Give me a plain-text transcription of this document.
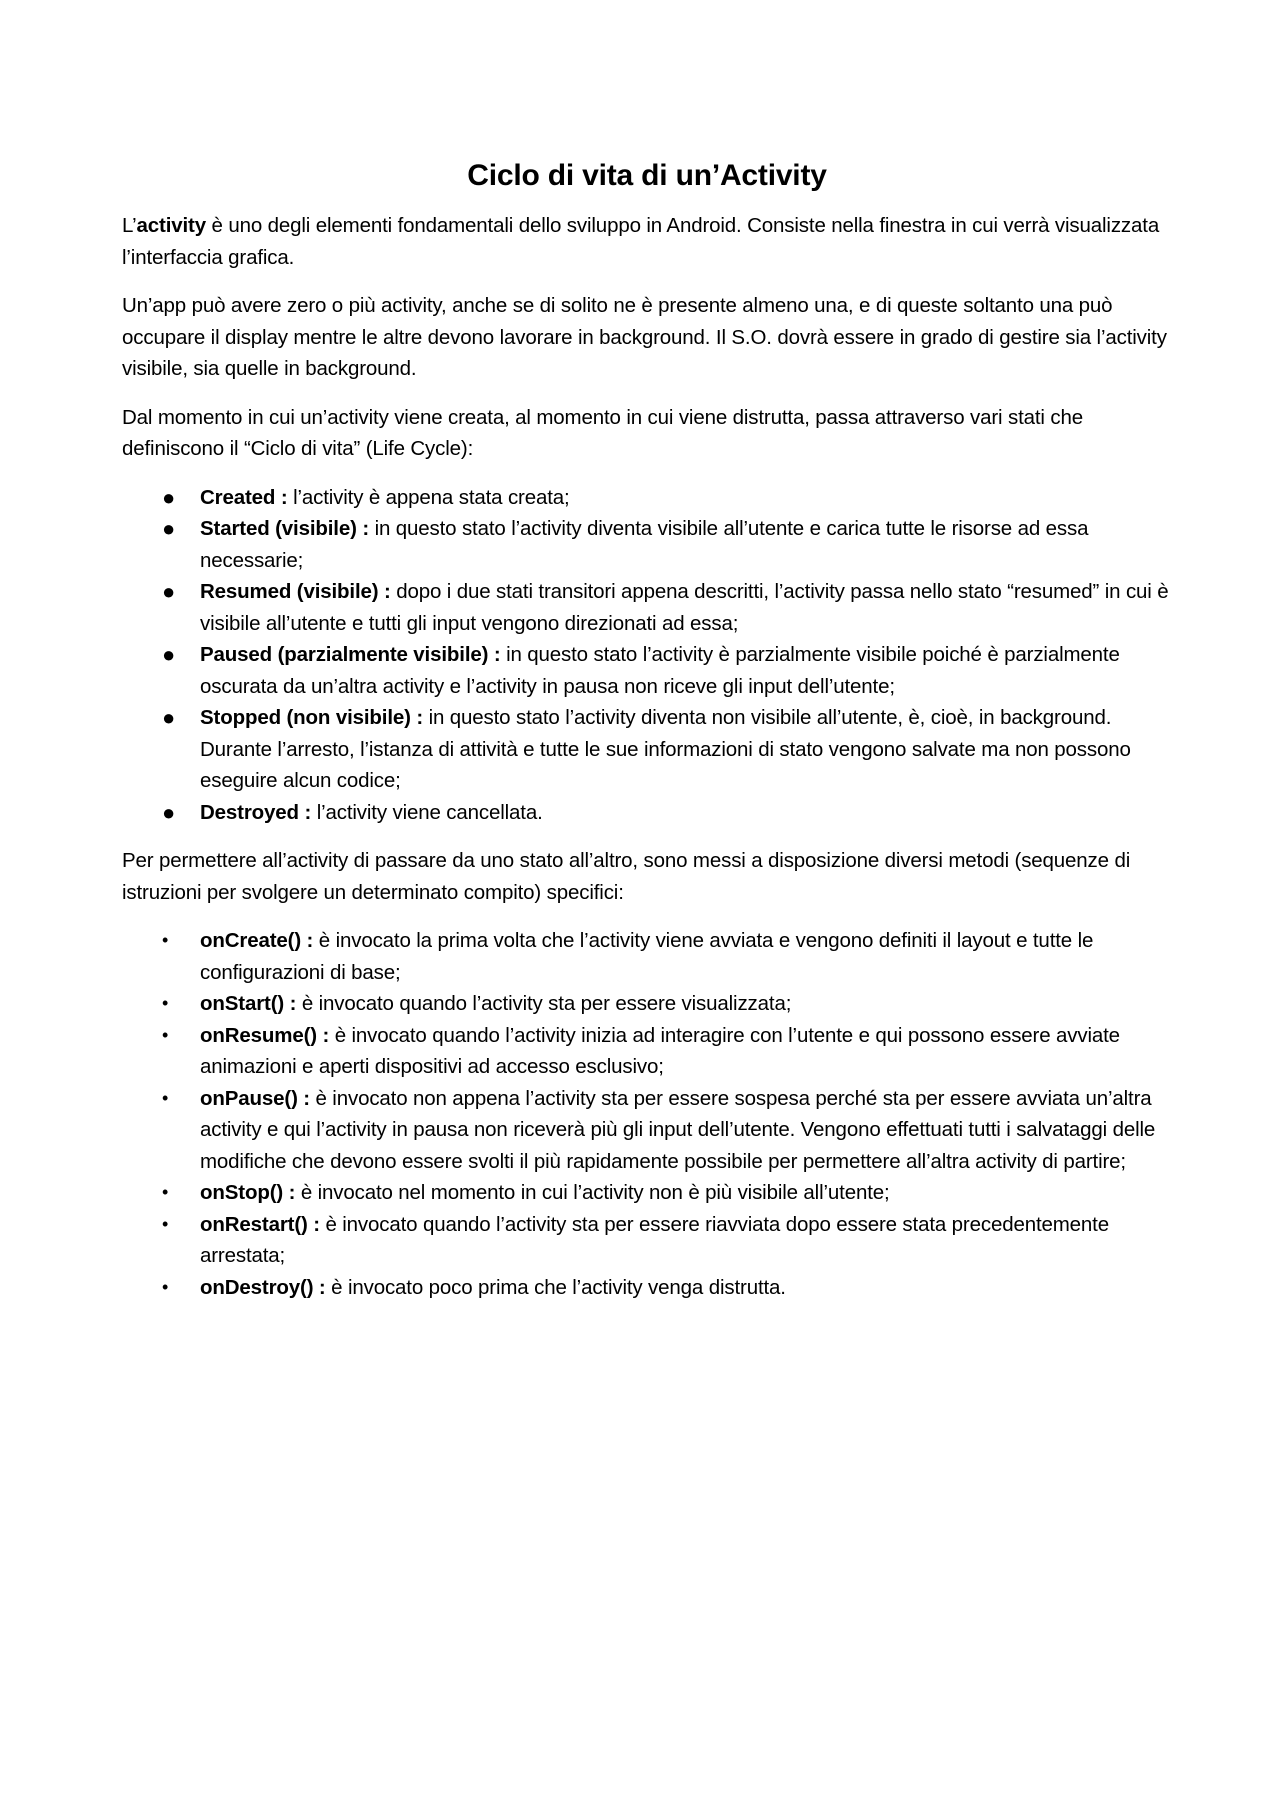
Ciclo di vita di un’Activity

L’activity è uno degli elementi fondamentali dello sviluppo in Android. Consiste nella finestra in cui verrà visualizzata l’interfaccia grafica.

Un’app può avere zero o più activity, anche se di solito ne è presente almeno una, e di queste soltanto una può occupare il display mentre le altre devono lavorare in background. Il S.O. dovrà essere in grado di gestire sia l’activity visibile, sia quelle in background.

Dal momento in cui un’activity viene creata, al momento in cui viene distrutta, passa attraverso vari stati che definiscono il “Ciclo di vita” (Life Cycle):

● Created : l’activity è appena stata creata;
● Started (visibile) : in questo stato l’activity diventa visibile all’utente e carica tutte le risorse ad essa necessarie;
● Resumed (visibile) : dopo i due stati transitori appena descritti, l’activity passa nello stato “resumed” in cui è visibile all’utente e tutti gli input vengono direzionati ad essa;
● Paused (parzialmente visibile) : in questo stato l’activity è parzialmente visibile poiché è parzialmente oscurata da un’altra activity e l’activity in pausa non riceve gli input dell’utente;
● Stopped (non visibile) : in questo stato l’activity diventa non visibile all’utente, è, cioè, in background. Durante l’arresto, l’istanza di attività e tutte le sue informazioni di stato vengono salvate ma non possono eseguire alcun codice;
● Destroyed : l’activity viene cancellata.

Per permettere all’activity di passare da uno stato all’altro, sono messi a disposizione diversi metodi (sequenze di istruzioni per svolgere un determinato compito) specifici:

• onCreate() : è invocato la prima volta che l’activity viene avviata e vengono definiti il layout e tutte le configurazioni di base;
• onStart() : è invocato quando l’activity sta per essere visualizzata;
• onResume() : è invocato quando l’activity inizia ad interagire con l’utente e qui possono essere avviate animazioni e aperti dispositivi ad accesso esclusivo;
• onPause() : è invocato non appena l’activity sta per essere sospesa perché sta per essere avviata un’altra activity e qui l’activity in pausa non riceverà più gli input dell’utente. Vengono effettuati tutti i salvataggi delle modifiche che devono essere svolti il più rapidamente possibile per permettere all’altra activity di partire;
• onStop() : è invocato nel momento in cui l’activity non è più visibile all’utente;
• onRestart() : è invocato quando l’activity sta per essere riavviata dopo essere stata precedentemente arrestata;
• onDestroy() : è invocato poco prima che l’activity venga distrutta.
